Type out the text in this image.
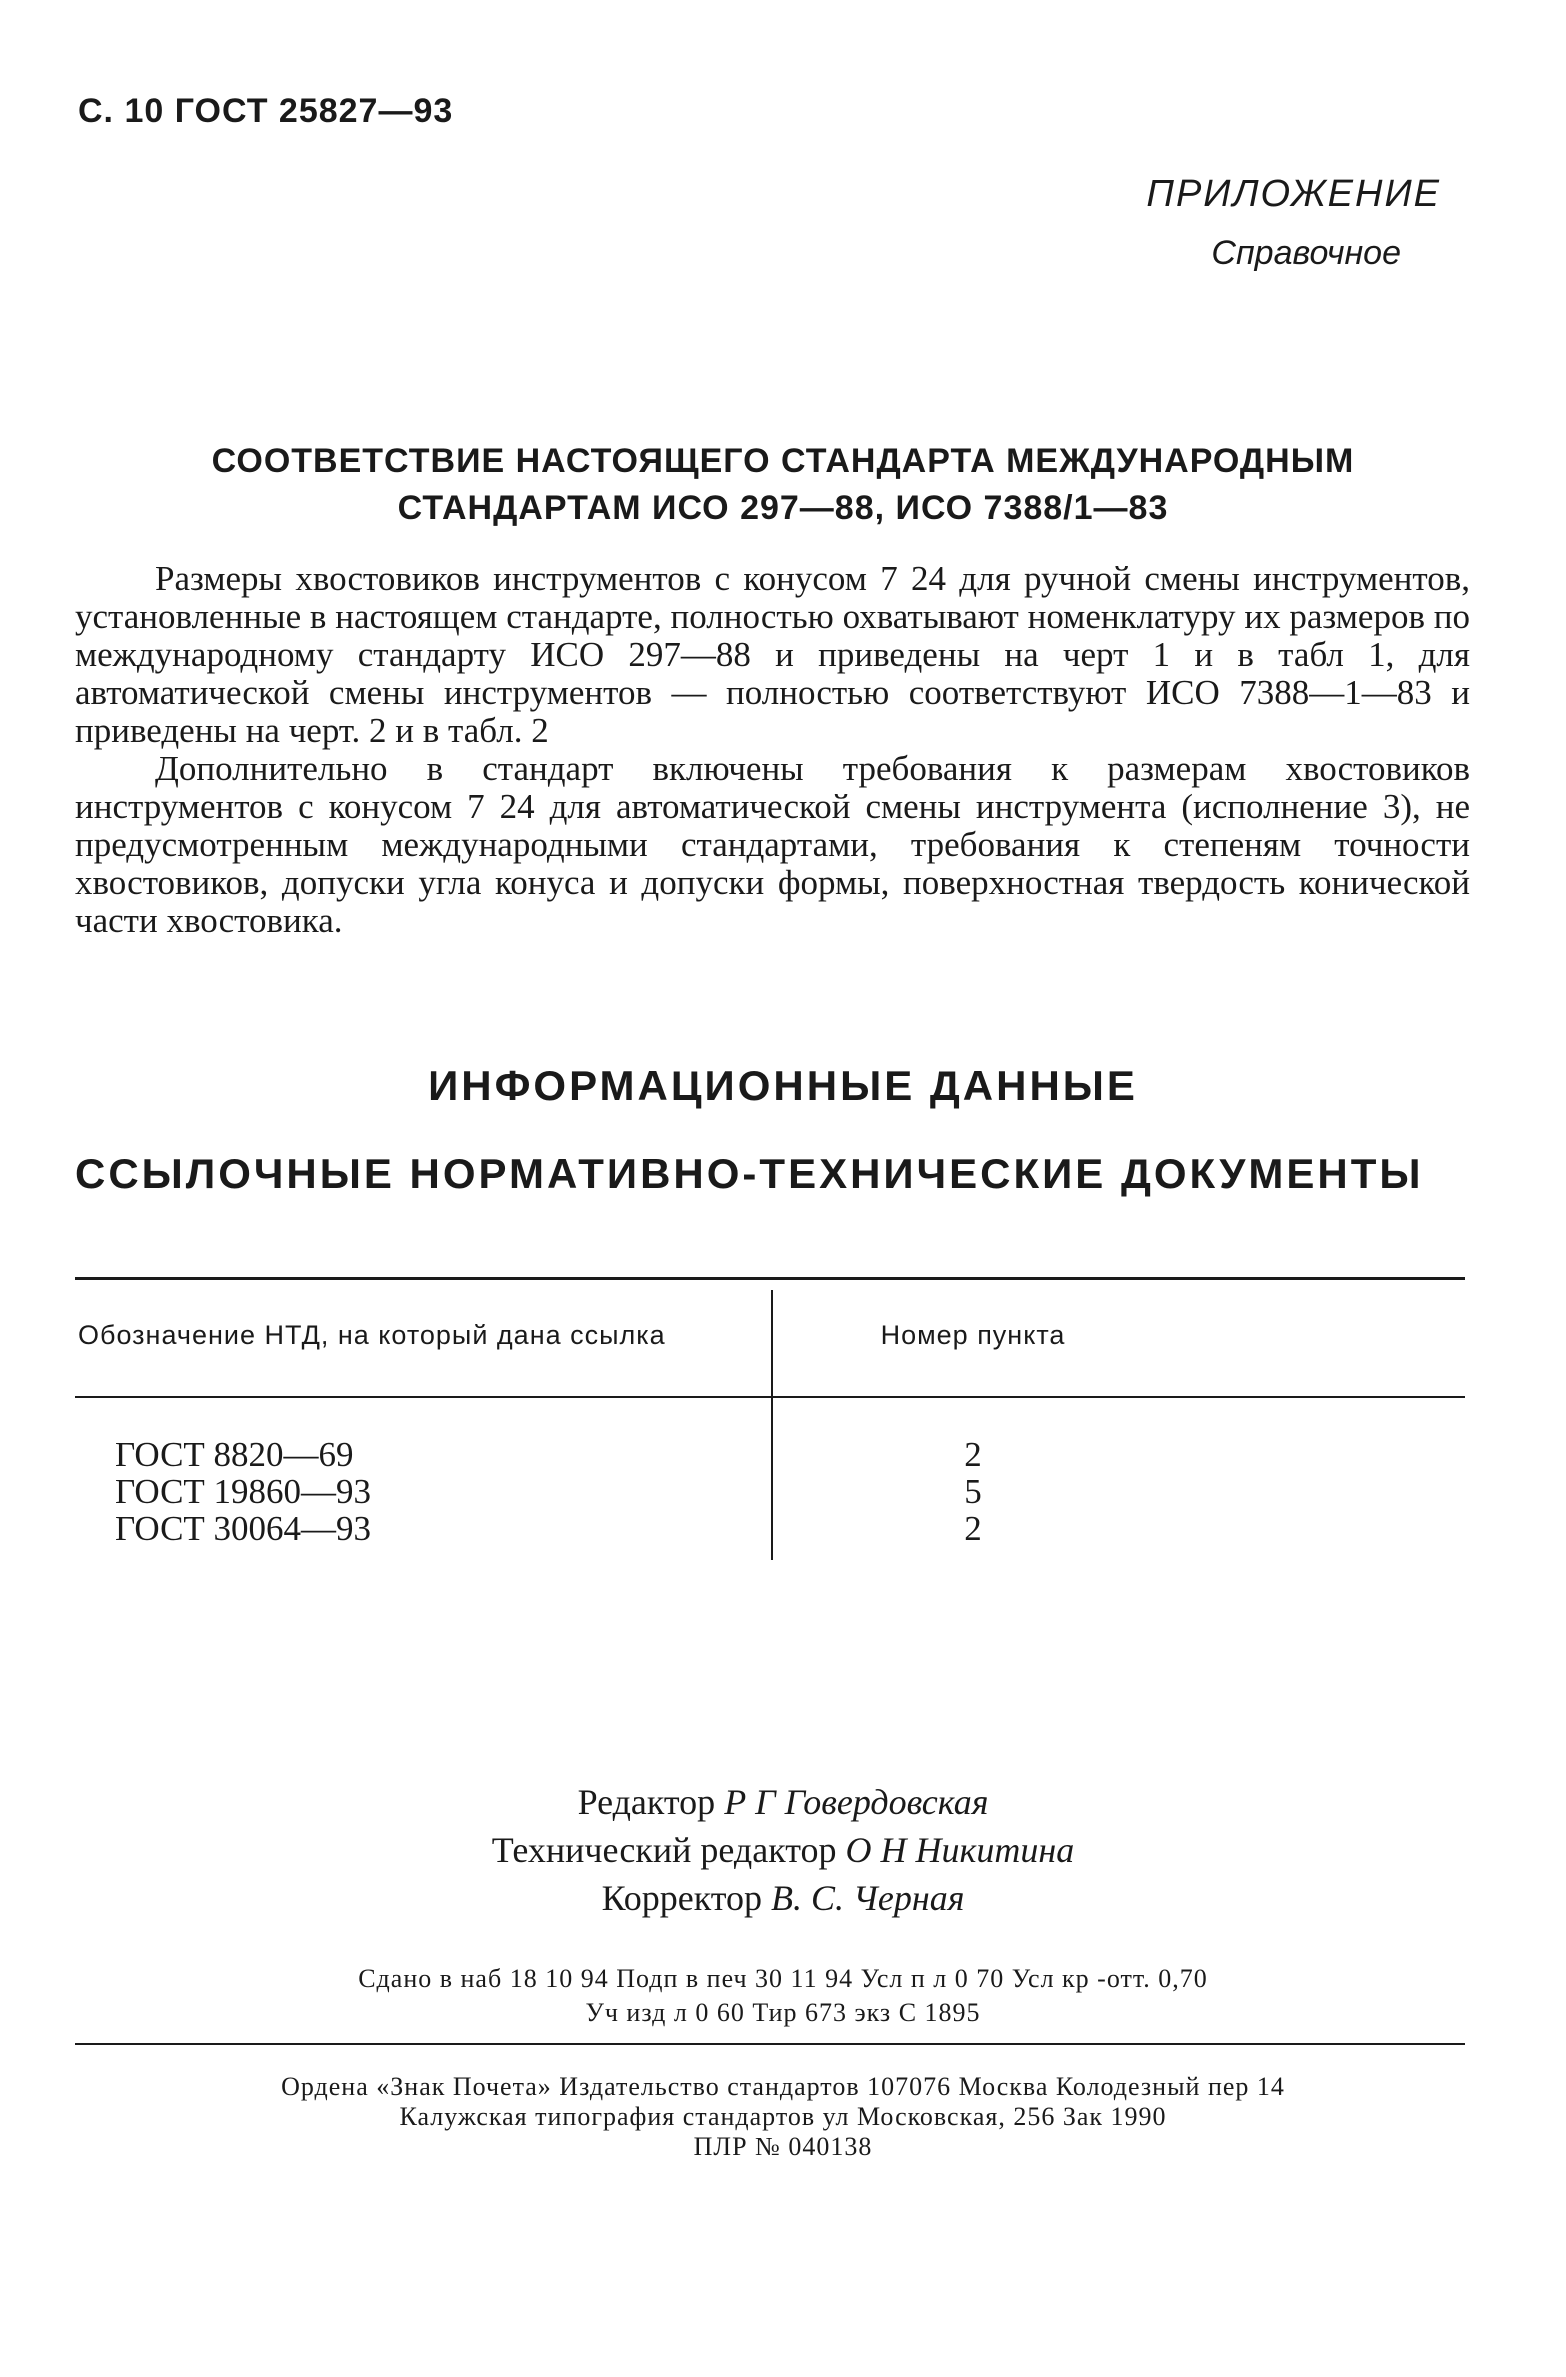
С. 10 ГОСТ 25827—93
ПРИЛОЖЕНИЕ
Справочное
СООТВЕТСТВИЕ НАСТОЯЩЕГО СТАНДАРТА МЕЖДУНАРОДНЫМ
СТАНДАРТАМ ИСО 297—88, ИСО 7388/1—83

Размеры хвостовиков инструментов с конусом 7 24 для ручной смены инструментов, установленные в настоящем стандарте, полностью охватывают номенклатуру их размеров по международному стандарту ИСО 297—88 и приведены на черт 1 и в табл 1, для автоматической смены инструментов — полностью соответствуют ИСО 7388—1—83 и приведены на черт. 2 и в табл. 2

Дополнительно в стандарт включены требования к размерам хвостовиков инструментов с конусом 7 24 для автоматической смены инструмента (исполнение 3), не предусмотренным международными стандартами, требования к степеням точности хвостовиков, допуски угла конуса и допуски формы, поверхностная твердость конической части хвостовика.

ИНФОРМАЦИОННЫЕ ДАННЫЕ
ССЫЛОЧНЫЕ НОРМАТИВНО-ТЕХНИЧЕСКИЕ ДОКУМЕНТЫ
Обозначение НТД, на который дана ссылка	Номер пункта
ГОСТ 8820—69	2
ГОСТ 19860—93	5
ГОСТ 30064—93	2
Редактор Р Г Говердовская
Технический редактор О Н Никитина
Корректор В. С. Черная
Сдано в наб 18 10 94 Подп в печ 30 11 94 Усл п л 0 70 Усл кр -отт. 0,70
Уч изд л 0 60 Тир 673 экз С 1895
Ордена «Знак Почета» Издательство стандартов 107076 Москва Колодезный пер 14
Калужская типография стандартов ул Московская, 256 Зак 1990
ПЛР № 040138
